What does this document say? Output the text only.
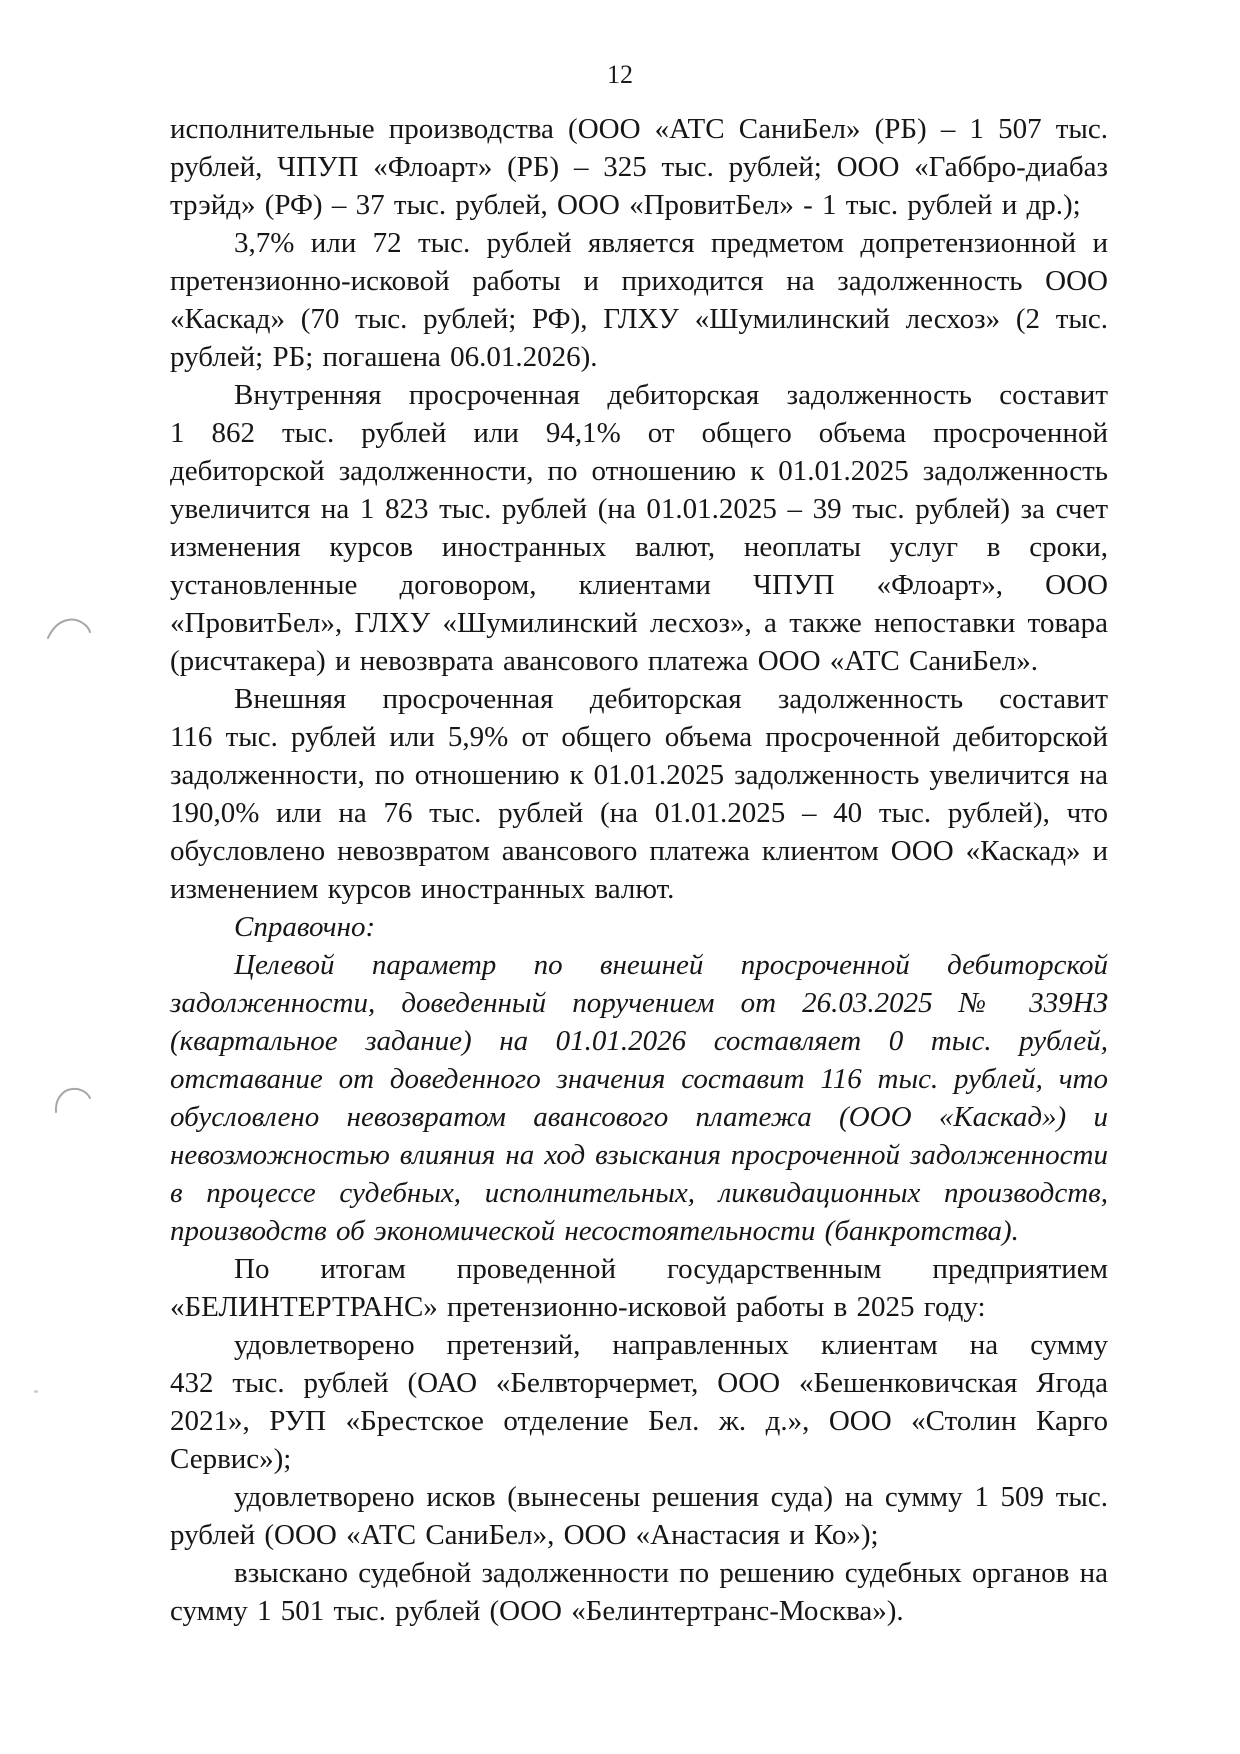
12

исполнительные производства (ООО «АТС СаниБел» (РБ) – 1 507 тыс. рублей, ЧПУП «Флоарт» (РБ) – 325 тыс. рублей; ООО «Габбро-диабаз трэйд» (РФ) – 37 тыс. рублей, ООО «ПровитБел» - 1 тыс. рублей и др.);

3,7% или 72 тыс. рублей является предметом допретензионной и претензионно-исковой работы и приходится на задолженность ООО «Каскад» (70 тыс. рублей; РФ), ГЛХУ «Шумилинский лесхоз» (2 тыс. рублей; РБ; погашена 06.01.2026).

Внутренняя просроченная дебиторская задолженность составит 1 862 тыс. рублей или 94,1% от общего объема просроченной дебиторской задолженности, по отношению к 01.01.2025 задолженность увеличится на 1 823 тыс. рублей (на 01.01.2025 – 39 тыс. рублей) за счет изменения курсов иностранных валют, неоплаты услуг в сроки, установленные договором, клиентами ЧПУП «Флоарт», ООО «ПровитБел», ГЛХУ «Шумилинский лесхоз», а также непоставки товара (рисчтакера) и невозврата авансового платежа ООО «АТС СаниБел».

Внешняя просроченная дебиторская задолженность составит 116 тыс. рублей или 5,9% от общего объема просроченной дебиторской задолженности, по отношению к 01.01.2025 задолженность увеличится на 190,0% или на 76 тыс. рублей (на 01.01.2025 – 40 тыс. рублей), что обусловлено невозвратом авансового платежа клиентом ООО «Каскад» и изменением курсов иностранных валют.

Справочно:

Целевой параметр по внешней просроченной дебиторской задолженности, доведенный поручением от 26.03.2025 № 339НЗ (квартальное задание) на 01.01.2026 составляет 0 тыс. рублей, отставание от доведенного значения составит 116 тыс. рублей, что обусловлено невозвратом авансового платежа (ООО «Каскад») и невозможностью влияния на ход взыскания просроченной задолженности в процессе судебных, исполнительных, ликвидационных производств, производств об экономической несостоятельности (банкротства).

По итогам проведенной государственным предприятием «БЕЛИНТЕРТРАНС» претензионно-исковой работы в 2025 году:

удовлетворено претензий, направленных клиентам на сумму 432 тыс. рублей (ОАО «Белвторчермет, ООО «Бешенковичская Ягода 2021», РУП «Брестское отделение Бел. ж. д.», ООО «Столин Карго Сервис»);

удовлетворено исков (вынесены решения суда) на сумму 1 509 тыс. рублей (ООО «АТС СаниБел», ООО «Анастасия и Ко»);

взыскано судебной задолженности по решению судебных органов на сумму 1 501 тыс. рублей (ООО «Белинтертранс-Москва»).
